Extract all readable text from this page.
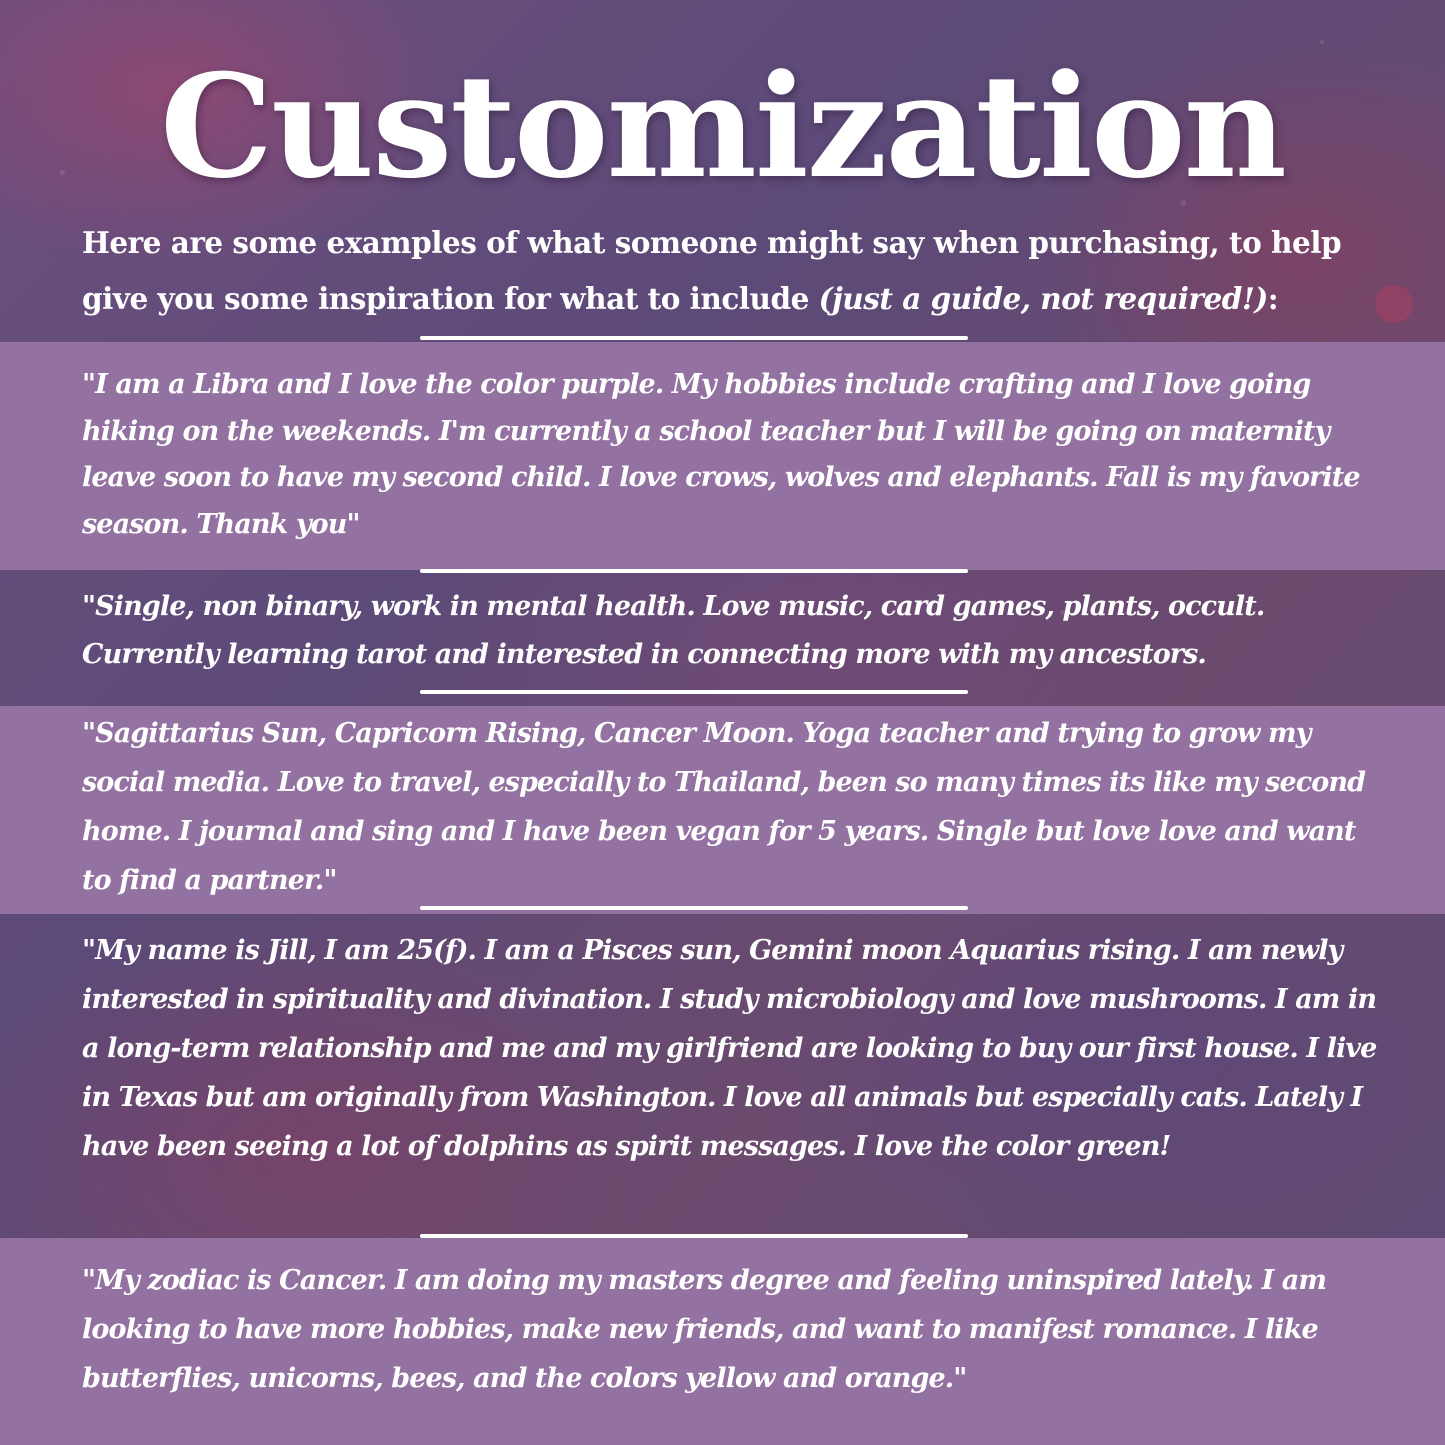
Customization
Here are some examples of what someone might say when purchasing, to help give you some inspiration for what to include (just a guide, not required!):
"I am a Libra and I love the color purple. My hobbies include crafting and I love going hiking on the weekends. I'm currently a school teacher but I will be going on maternity leave soon to have my second child. I love crows, wolves and elephants. Fall is my favorite season. Thank you"
"Single, non binary, work in mental health. Love music, card games, plants, occult. Currently learning tarot and interested in connecting more with my ancestors.
"Sagittarius Sun, Capricorn Rising, Cancer Moon. Yoga teacher and trying to grow my social media. Love to travel, especially to Thailand, been so many times its like my second home. I journal and sing and I have been vegan for 5 years. Single but love love and want to find a partner."
"My name is Jill, I am 25(f). I am a Pisces sun, Gemini moon Aquarius rising. I am newly interested in spirituality and divination. I study microbiology and love mushrooms. I am in a long-term relationship and me and my girlfriend are looking to buy our first house. I live in Texas but am originally from Washington. I love all animals but especially cats. Lately I have been seeing a lot of dolphins as spirit messages. I love the color green!
"My zodiac is Cancer. I am doing my masters degree and feeling uninspired lately. I am looking to have more hobbies, make new friends, and want to manifest romance. I like butterflies, unicorns, bees, and the colors yellow and orange."
